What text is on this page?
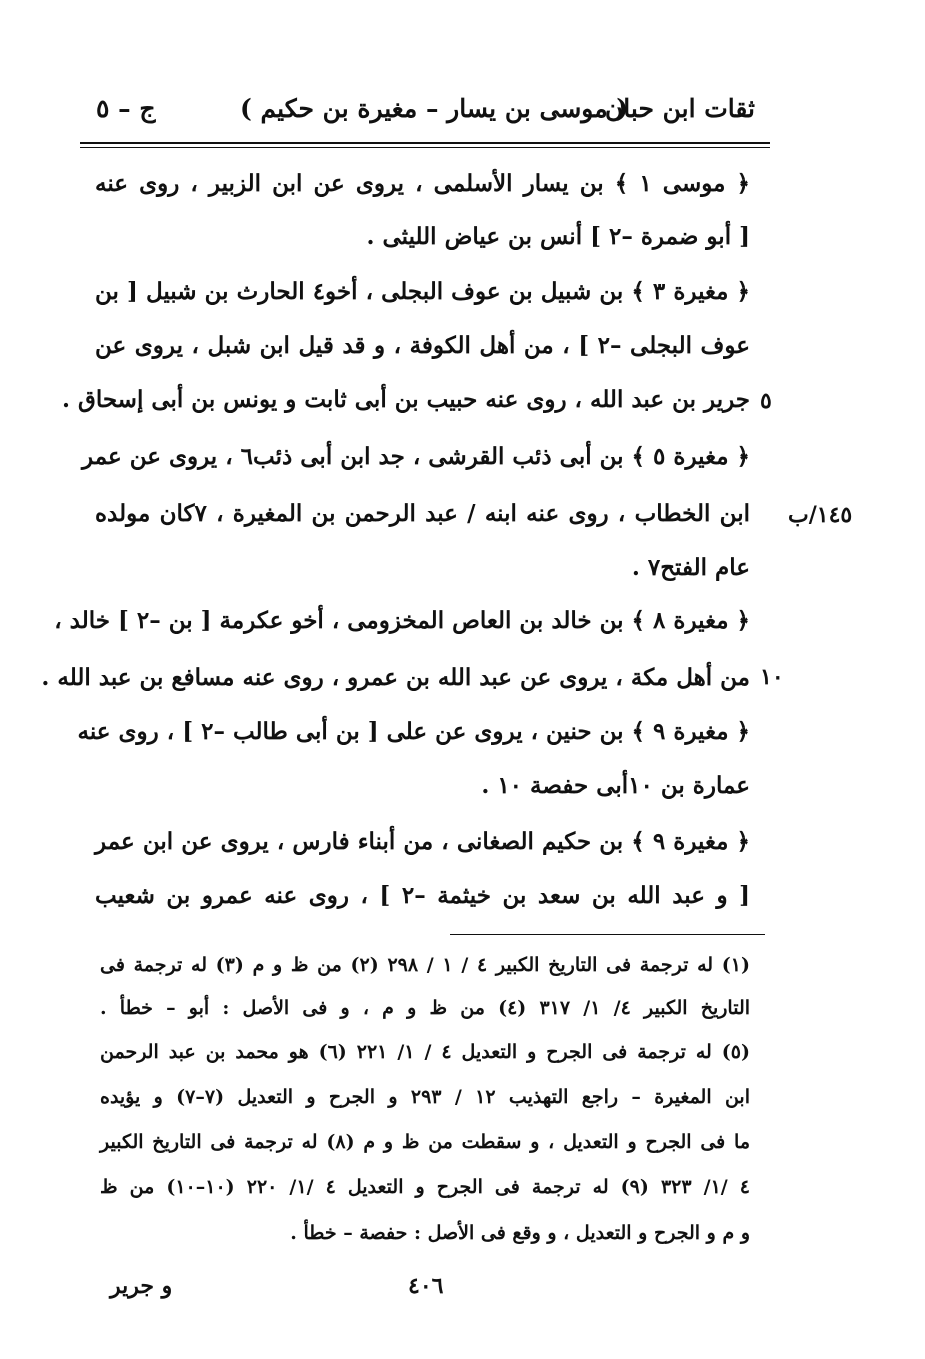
ثقات ابن حبان
( موسى بن يسار – مغيرة بن حكيم )
ج – ٥
﴿ موسى ١ ﴾ بن يسار الأسلمى ، يروى عن ابن الزبير ، روى عنه
[ أبو ضمرة –٢ ] أنس بن عياض الليثى .
﴿ مغيرة ٣ ﴾ بن شبيل بن عوف البجلى ، أخو٤ الحارث بن شبيل [ بن
عوف البجلى –٢ ] ، من أهل الكوفة ، و قد قيل ابن شبل ، يروى عن
جرير بن عبد الله ، روى عنه حبيب بن أبى ثابت و يونس بن أبى إسحاق .
﴿ مغيرة ٥ ﴾ بن أبى ذئب القرشى ، جد ابن أبى ذئب٦ ، يروى عن عمر
ابن الخطاب ، روى عنه ابنه / عبد الرحمن بن المغيرة ، ٧كان مولده
عام الفتح٧ .
﴿ مغيرة ٨ ﴾ بن خالد بن العاص المخزومى ، أخو عكرمة [ بن –٢ ] خالد ،
من أهل مكة ، يروى عن عبد الله بن عمرو ، روى عنه مسافع بن عبد الله .
﴿ مغيرة ٩ ﴾ بن حنين ، يروى عن على [ بن أبى طالب –٢ ] ، روى عنه
عمارة بن ١٠أبى حفصة ١٠ .
﴿ مغيرة ٩ ﴾ بن حكيم الصغانى ، من أبناء فارس ، يروى عن ابن عمر
[ و عبد الله بن سعد بن خيثمة –٢ ] ، روى عنه عمرو بن شعيب
٥
١٠
١٤٥/ب
(١) له ترجمة فى التاريخ الكبير ٤ / ١ / ٢٩٨ (٢) من ظ و م (٣) له ترجمة فى
التاريخ الكبير ٤/ ١/ ٣١٧ (٤) من ظ و م ، و فى الأصل : أبو – خطأ .
(٥) له ترجمة فى الجرح و التعديل ٤ / ١/ ٢٢١ (٦) هو محمد بن عبد الرحمن
ابن المغيرة – راجع التهذيب ١٢ / ٢٩٣ و الجرح و التعديل (٧–٧) و يؤيده
ما فى الجرح و التعديل ، و سقطت من ظ و م (٨) له ترجمة فى التاريخ الكبير
٤ /١/ ٣٢٣ (٩) له ترجمة فى الجرح و التعديل ٤ /١/ ٢٢٠ (١٠–١٠) من ظ
و م و الجرح و التعديل ، و وقع فى الأصل : حفصة – خطأ .
٤٠٦
و جرير
